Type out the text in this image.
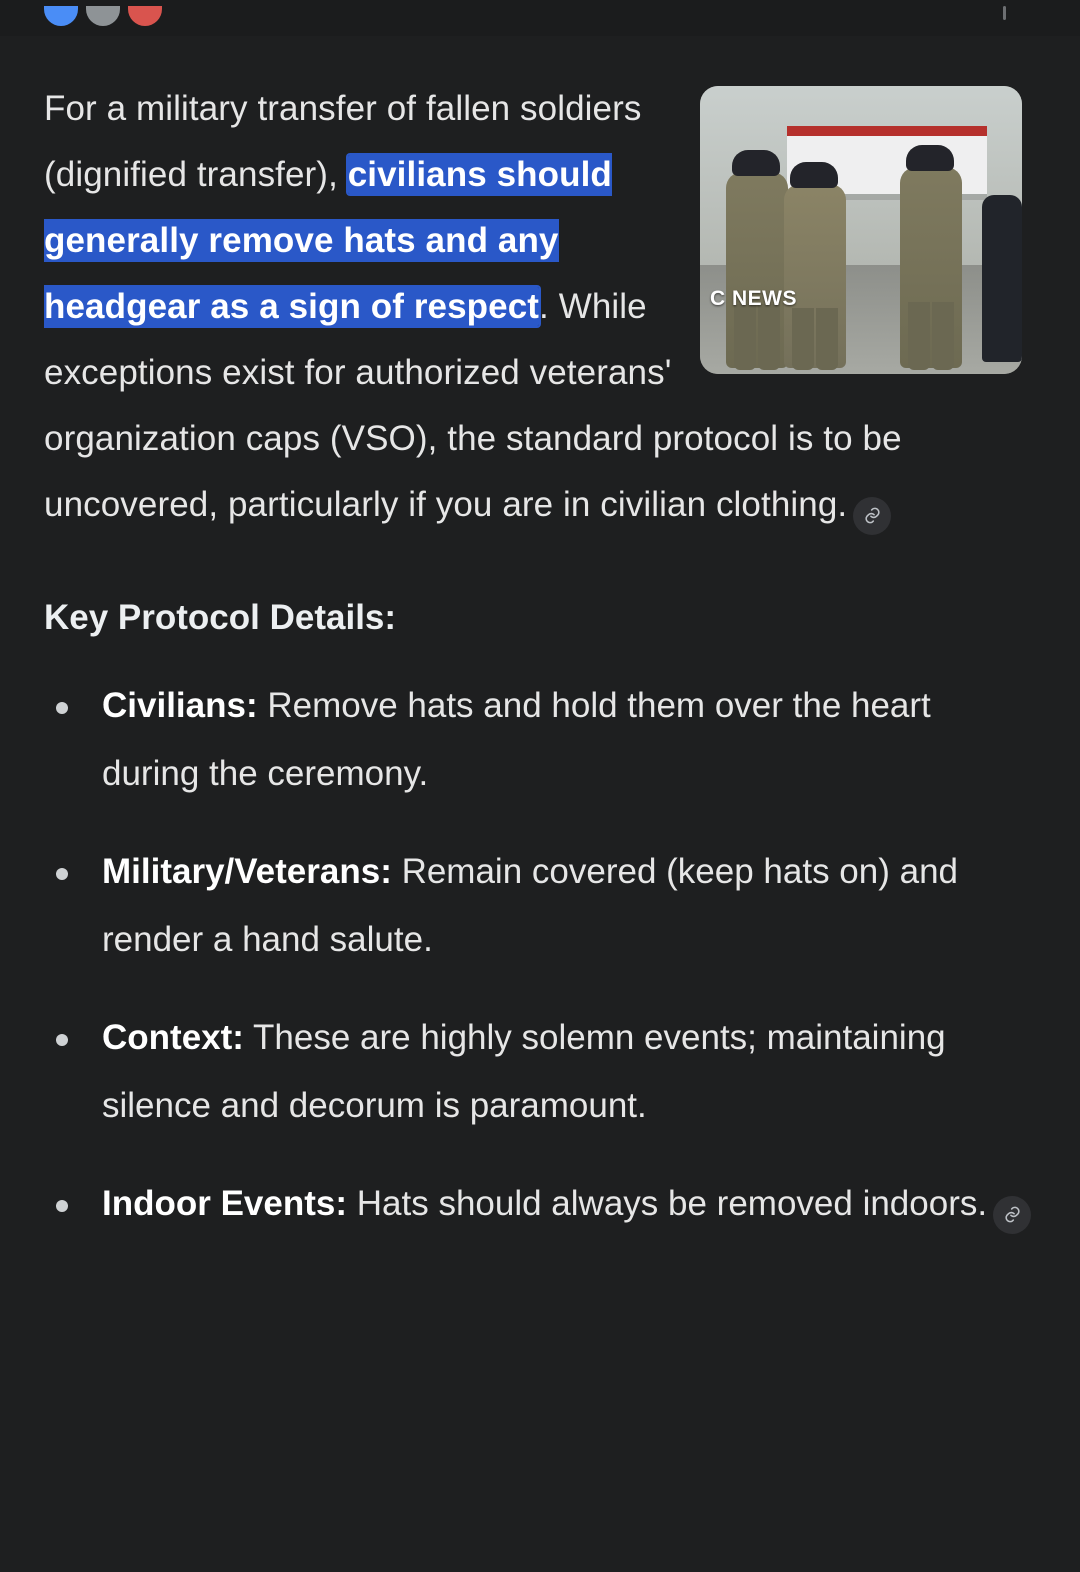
C NEWS
For a military transfer of fallen soldiers (dignified transfer), civilians should generally remove hats and any headgear as a sign of respect. While exceptions exist for authorized veterans' organization caps (VSO), the standard protocol is to be uncovered, particularly if you are in civilian clothing.
Key Protocol Details:
Civilians: Remove hats and hold them over the heart during the ceremony.
Military/Veterans: Remain covered (keep hats on) and render a hand salute.
Context: These are highly solemn events; maintaining silence and decorum is paramount.
Indoor Events: Hats should always be removed indoors.
